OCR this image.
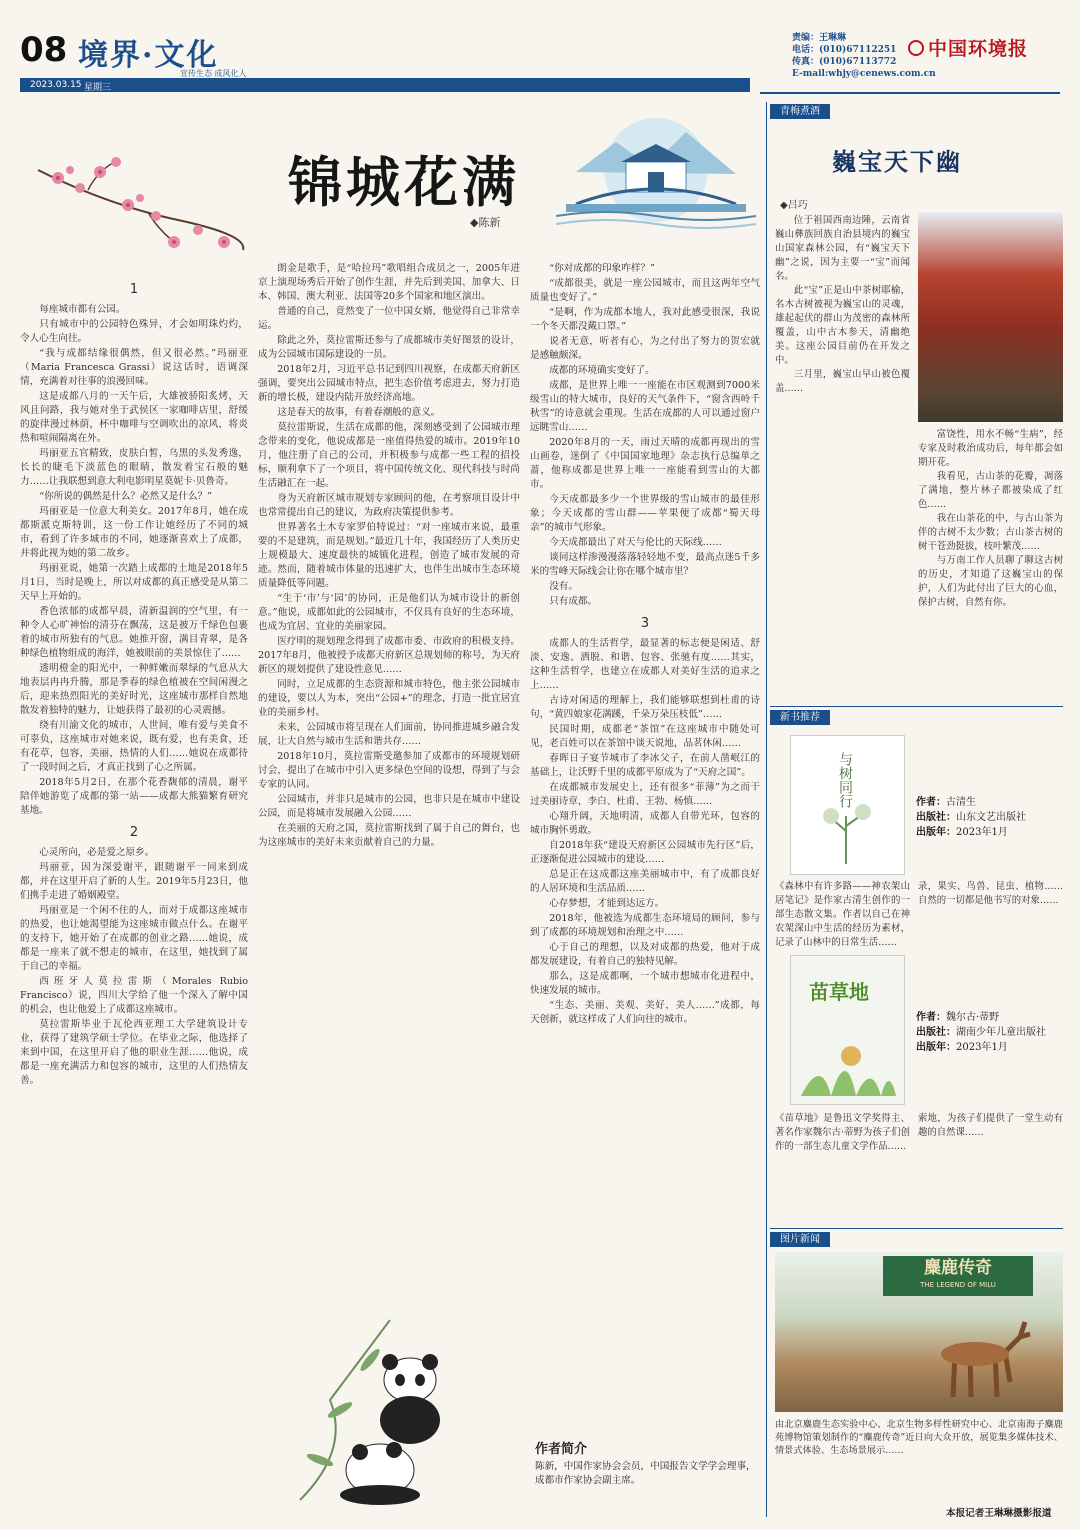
08 境界·文化
宣传生态 成风化人
2023.03.15 星期三
责编：王琳琳
电话：(010)67112251
传真：(010)67113772
E-mail:whjy@cenews.com.cn
中国环境报
锦城花满
◆陈新
1

每座城市都有公园。

只有城市中的公园特色殊异，才会如明珠灼灼，令人心生向往。

“我与成都结缘很偶然，但又很必然。”玛丽亚（Maria Francesca Grassi）说这话时，语调深情，充满着对往事的浪漫回味。

这是成都八月的一天午后，大雄被骄阳炙烤，天风且问路，我与她对坐于武侯区一家咖啡店里，舒缓的旋律漫过林荫，杯中咖啡与空调吹出的凉风，将炎热和喧闹隔离在外。

玛丽亚五官精致，皮肤白皙，乌黑的头发秀逸，长长的睫毛下淡蓝色的眼睛，散发着宝石般的魅力……让我联想到意大利电影明星莫妮卡·贝鲁奇。

“你所说的偶然是什么？必然又是什么？”

玛丽亚是一位意大利美女。2017年8月，她在成都斯派克斯特训，这一份工作让她经历了不同的城市，看到了许多城市的不同，她逐渐喜欢上了成都，并将此视为她的第二故乡。

玛丽亚说，她第一次踏上成都的土地是2018年5月1日，当时是晚上，所以对成都的真正感受是从第二天早上开始的。

香色浓郁的成都早晨，清新温润的空气里，有一种令人心旷神怡的清芬在飘荡，这是被万千绿色包裹着的城市所独有的气息。她推开窗，满目青翠，是各种绿色植物组成的海洋，她被眼前的美景惊住了……

透明橙金的阳光中，一种鲜嫩而翠绿的气息从大地表层冉冉升腾，那是季春的绿色植被在空间闲漫之后，迎来热烈阳光的美好时光，这座城市那样自然地散发着独特的魅力，让她获得了最初的心灵震撼。

绕有川渝文化的城市，人世间，唯有爱与美食不可辜负，这座城市对她来说，既有爱，也有美食，还有花草，包容，美丽，热情的人们……她说在成都待了一段时间之后，才真正找到了心之所属。

2018年5月2日，在那个花香馥郁的清晨，谢平陪伴她游览了成都的第一站——成都大熊猫繁育研究基地。

2

心灵所向，必是爱之原乡。

玛丽亚，因为深爱谢平，跟随谢平一同来到成都，并在这里开启了新的人生。2019年5月23日，他们携手走进了婚姻殿堂。

玛丽亚是一个闲不住的人，而对于成都这座城市的热爱，也让她渴望能为这座城市做点什么。在谢平的支持下，她开始了在成都的创业之路……她说，成都是一座来了就不想走的城市，在这里，她找到了属于自己的幸福。

西班牙人莫拉雷斯（Morales Rubio Francisco）说，四川大学给了他一个深入了解中国的机会，也让他爱上了成都这座城市。

莫拉雷斯毕业于瓦伦西亚理工大学建筑设计专业，获得了建筑学硕士学位。在毕业之际，他选择了来到中国，在这里开启了他的职业生涯……他说，成都是一座充满活力和包容的城市，这里的人们热情友善。

朗金是歌手，是“哈拉玛”歌唱组合成员之一，2005年进京上演现场秀后开始了创作生涯，并先后到美国、加拿大、日本、韩国、澳大利亚、法国等20多个国家和地区演出。

普通的自己，竟然变了一位中国女婿，他觉得自己非常幸运。

除此之外，莫拉雷斯还参与了成都城市美好图景的设计，成为公园城市国际建设的一员。

2018年2月，习近平总书记到四川视察，在成都天府新区强调，要突出公园城市特点，把生态价值考虑进去，努力打造新的增长极，建设内陆开放经济高地。

这是春天的故事，有着春潮般的意义。

莫拉雷斯说，生活在成都的他，深刻感受到了公园城市理念带来的变化，他说成都是一座值得热爱的城市。2019年10月，他注册了自己的公司，并积极参与成都一些工程的招投标，顺利拿下了一个项目，将中国传统文化、现代科技与时尚生活融汇在一起。

身为天府新区城市规划专家顾问的他，在考察项目设计中也常常提出自己的建议，为政府决策提供参考。

世界著名土木专家罗伯特说过：“对一座城市来说，最重要的不是建筑，而是规划。”最近几十年，我国经历了人类历史上规模最大、速度最快的城镇化进程，创造了城市发展的奇迹。然而，随着城市体量的迅速扩大，也伴生出城市生态环境质量降低等问题。

“生于‘市’与‘园’的协同，正是他们认为城市设计的新创意。”他说，成都如此的公园城市，不仅具有良好的生态环境，也成为宜居、宜业的美丽家园。

医疗明的规划理念得到了成都市委、市政府的积极支持。2017年8月，他被授予成都天府新区总规划师的称号，为天府新区的规划提供了建设性意见……

同时，立足成都的生态资源和城市特色，他主张公园城市的建设，要以人为本，突出“公园+”的理念，打造一批宜居宜业的美丽乡村。

未来，公园城市将呈现在人们面前，协同推进城乡融合发展，让大自然与城市生活和谐共存……

2018年10月，莫拉雷斯受邀参加了成都市的环境规划研讨会，提出了在城市中引入更多绿色空间的设想，得到了与会专家的认同。

公园城市，并非只是城市的公园，也非只是在城市中建设公园，而是将城市发展融入公园……

在美丽的天府之国，莫拉雷斯找到了属于自己的舞台，也为这座城市的美好未来贡献着自己的力量。

“你对成都的印象咋样？”

“成都很美，就是一座公园城市，而且这两年空气质量也变好了。”

“是啊，作为成都本地人，我对此感受很深，我说一个冬天都没戴口罩。”

说者无意，听者有心，为之付出了努力的贺宏就是感触颇深。

成都的环境确实变好了。

成都，是世界上唯一一座能在市区观测到7000米级雪山的特大城市，良好的天气条件下，“窗含西岭千秋雪”的诗意就会重现。生活在成都的人可以通过窗户远眺雪山……

2020年8月的一天，雨过天晴的成都再现出的雪山画卷，迷倒了《中国国家地理》杂志执行总编单之蔷，他称成都是世界上唯一一座能看到雪山的大都市。

今天成都最多少一个世界级的雪山城市的最佳形象；今天成都的雪山群——苹果便了成都“蜀天母亲”的城市气形象。

今天成都最出了对天与伦比的天际线……

谈同这样渗漫漫落落轻轻地不变，最高点迷5千多米的雪峰天际线会让你在哪个城市里？

没有。

只有成都。

3

成都人的生活哲学，最显著的标志便是闲适、舒淡、安逸、洒脱、和谐、包容、张驰有度……其实，这种生活哲学，也建立在成都人对美好生活的追求之上……

古诗对闲适的理解上，我们能够联想到杜甫的诗句，“黄四娘家花满蹊，千朵万朵压枝低”……

民国时期，成都老“茶馆”在这座城市中随处可见，老百姓可以在茶馆中谈天说地，品茗休闲……

春晖日子宴节城市了李冰父子，在前人凿岷江的基础上，让沃野千里的成都平原成为了“天府之国”。

在成都城市发展史上，还有很多“菲薄”为之而干过美丽诗章，李白、杜甫、王勃、杨慎……

心翔升阔，天地明清，成都人自带光环，包容的城市胸怀勇敢。

自2018年获“建设天府新区公园城市先行区”后，正逐渐促进公园城市的建设……

总是正在这成都这座美丽城市中，有了成都良好的人居环境和生活品质……

心存梦想，才能到达远方。

2018年，他被选为成都生态环境局的顾问，参与到了成都的环境规划和治理之中……

心于自己的理想，以及对成都的热爱，他对于成都发展建设，有着自己的独特见解。

那么，这是成都啊，一个城市想城市化进程中，快速发展的城市。

“生态、美丽、美观、美好，美人……”成都，每天创新，就这样成了人们向往的城市。

作者简介
陈新，中国作家协会会员，中国报告文学学会理事，成都市作家协会副主席。
青梅煮酒
巍宝天下幽
◆吕巧

位于祖国西南边陲，云南省巍山彝族回族自治县境内的巍宝山国家森林公园，有“巍宝天下幽”之说，因为主要一“宝”而闻名。

此“宝”正是山中茶树耶榆，名木古树被视为巍宝山的灵魂，雄起起伏的群山为茂密的森林所覆盖，山中古木参天，清幽绝美。这座公园目前仍在开发之中。

三月里，巍宝山早山被色覆盖……

富饶性，用水不畅“生病”，经专家及时救治成功后，每年都会如期开花。

我看见，古山茶的花瓣，凋落了满地，整片林子都被染成了红色……

我在山茶花的中，与古山茶为伴的古树不太少数；古山茶古树的树干苍劲挺拔，枝叶繁茂……

与万南工作人员聊了聊这古树的历史，才知道了这巍宝山的保护，人们为此付出了巨大的心血，保护古树，自然有你。

新书推荐
与树同行	作者：古清生
出版社：山东文艺出版社
出版年：2023年1月
《森林中有许多路——神农架山居笔记》是作家古清生创作的一部生态散文集。作者以自己在神农架深山中生活的经历为素材，记录了山林中的日常生活……
录，果实、鸟兽、昆虫、植物……自然的一切都是他书写的对象……
苗草地
作者：魏尔古·蒂野
出版社：湖南少年儿童出版社
出版年：2023年1月
《苗草地》是鲁迅文学奖得主、著名作家魏尔古·蒂野为孩子们创作的一部生态儿童文学作品……
索地，为孩子们提供了一堂生动有趣的自然课……
图片新闻
麋鹿传奇
THE LEGEND OF MILU
由北京麋鹿生态实验中心、北京生物多样性研究中心、北京南海子麋鹿苑博物馆策划制作的“麋鹿传奇”近日向大众开放，展览集多媒体技术、情景式体验、生态场景展示……
本报记者王琳琳摄影报道
